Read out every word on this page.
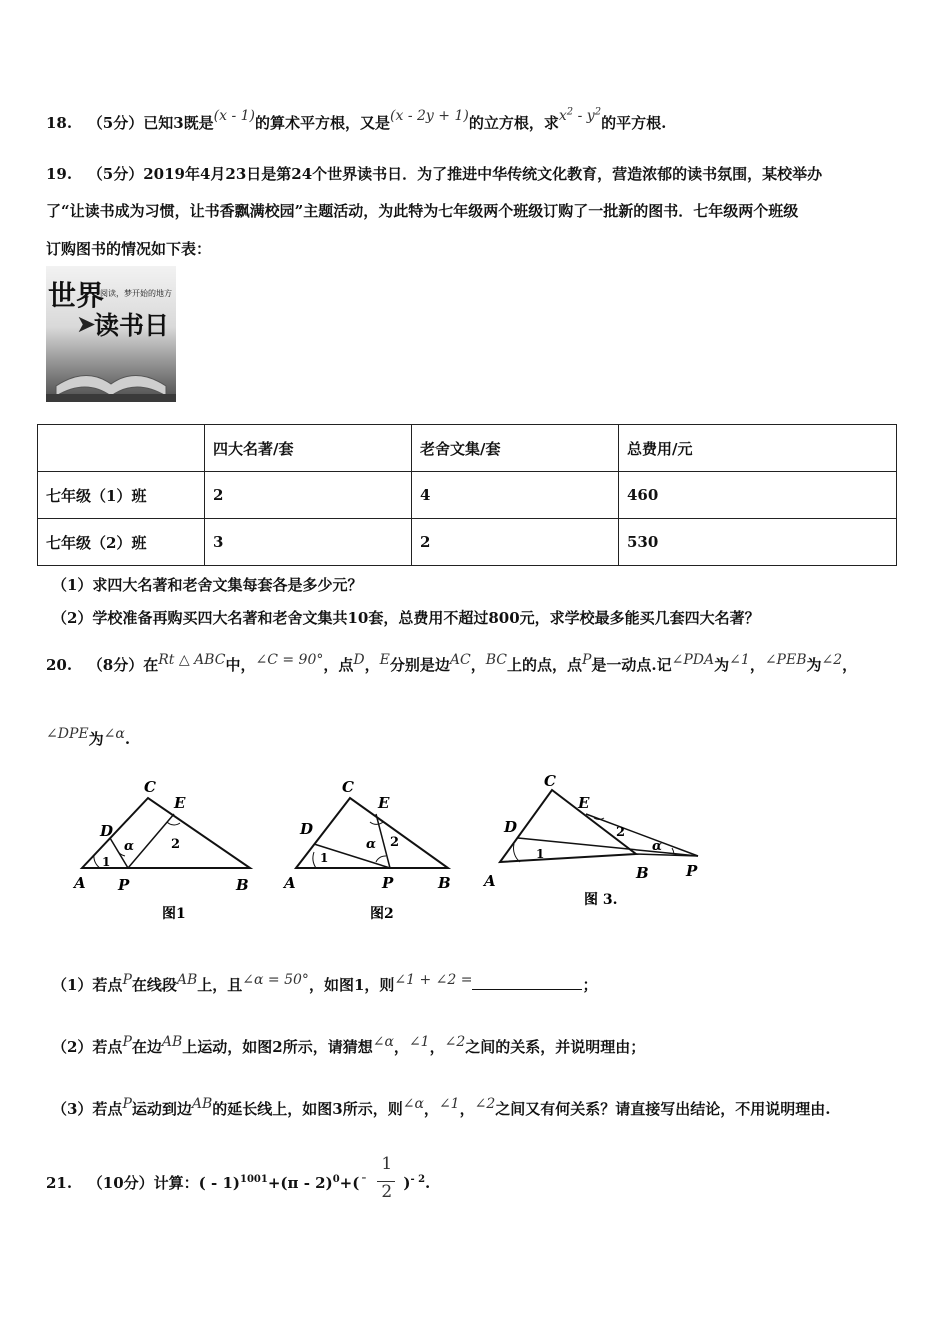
18. （5分）已知3既是(x - 1)的算术平方根，又是(x - 2y + 1)的立方根，求$x^2 - y^2$的平方根.
19. （5分）2019年4月23日是第24个世界读书日．为了推进中华传统文化教育，营造浓郁的读书氛围，某校举办
了“让读书成为习惯，让书香飘满校园”主题活动，为此特为七年级两个班级订购了一批新的图书．七年级两个班级
订购图书的情况如下表：
世界
阅读，梦开始的地方
➤
读书日
	四大名著/套	老舍文集/套	总费用/元
七年级（1）班	2	4	460
七年级（2）班	3	2	530
（1）求四大名著和老舍文集每套各是多少元？
（2）学校准备再购买四大名著和老舍文集共10套，总费用不超过800元，求学校最多能买几套四大名著？
20. （8分）在Rt △ ABC中，∠C = 90°，点D，E分别是边AC，BC上的点，点P是一动点.记∠PDA为∠1，∠PEB为∠2，
∠DPE为∠α.
C
E
D
α	2
1
A P	B
图1
C
E
D
α 2
1
A	P	B
图2
C
E
D	2
α
1
A	B P
图 3.
（1）若点P在线段AB上，且∠α = 50°，如图1，则∠1 + ∠2 =	；
（2）若点P在边AB上运动，如图2所示，请猜想∠α，∠1，∠2之间的关系，并说明理由；
（3）若点P运动到边AB的延长线上，如图3所示，则∠α，∠1，∠2之间又有何关系？请直接写出结论，不用说明理由.
21. （10分）计算：( - 1)$^{1001}$+(π - 2)$^0$+( -
1
2 )$^{- 2}$.
